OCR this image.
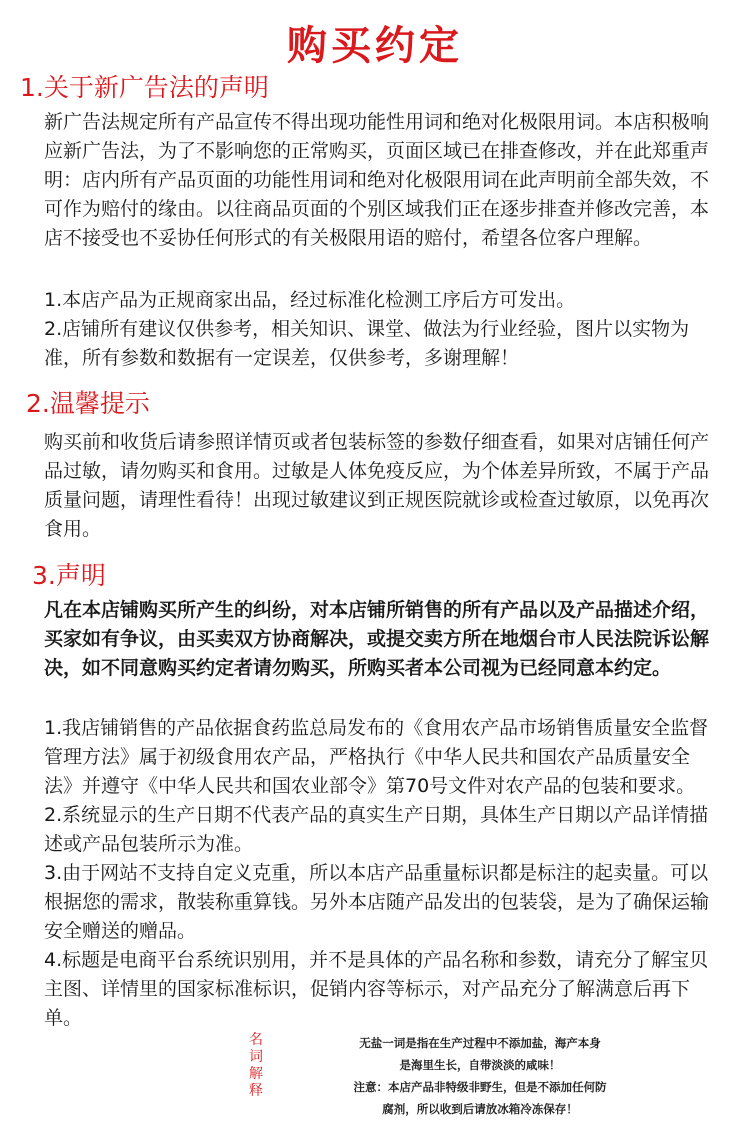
购买约定
1.关于新广告法的声明

新广告法规定所有产品宣传不得出现功能性用词和绝对化极限用词。本店积极响应新广告法，为了不影响您的正常购买，页面区域已在排查修改，并在此郑重声明：店内所有产品页面的功能性用词和绝对化极限用词在此声明前全部失效，不可作为赔付的缘由。以往商品页面的个别区域我们正在逐步排查并修改完善，本店不接受也不妥协任何形式的有关极限用语的赔付，希望各位客户理解。

1.本店产品为正规商家出品，经过标准化检测工序后方可发出。
2.店铺所有建议仅供参考，相关知识、课堂、做法为行业经验，图片以实物为准，所有参数和数据有一定误差，仅供参考，多谢理解！
2.温馨提示

购买前和收货后请参照详情页或者包装标签的参数仔细查看，如果对店铺任何产品过敏，请勿购买和食用。过敏是人体免疫反应，为个体差异所致，不属于产品质量问题，请理性看待！出现过敏建议到正规医院就诊或检查过敏原，以免再次食用。

3.声明

凡在本店铺购买所产生的纠纷，对本店铺所销售的所有产品以及产品描述介绍，买家如有争议，由买卖双方协商解决，或提交卖方所在地烟台市人民法院诉讼解决，如不同意购买约定者请勿购买，所购买者本公司视为已经同意本约定。

1.我店铺销售的产品依据食药监总局发布的《食用农产品市场销售质量安全监督管理方法》属于初级食用农产品，严格执行《中华人民共和国农产品质量安全法》并遵守《中华人民共和国农业部令》第70号文件对农产品的包装和要求。
2.系统显示的生产日期不代表产品的真实生产日期，具体生产日期以产品详情描述或产品包装所示为准。
3.由于网站不支持自定义克重，所以本店产品重量标识都是标注的起卖量。可以根据您的需求，散装称重算钱。另外本店随产品发出的包装袋，是为了确保运输安全赠送的赠品。
4.标题是电商平台系统识别用，并不是具体的产品名称和参数，请充分了解宝贝主图、详情里的国家标准标识，促销内容等标示，对产品充分了解满意后再下单。
名词解释
无盐一词是指在生产过程中不添加盐，海产本身
是海里生长，自带淡淡的咸味！
注意：本店产品非特级非野生，但是不添加任何防
腐剂，所以收到后请放冰箱冷冻保存！
